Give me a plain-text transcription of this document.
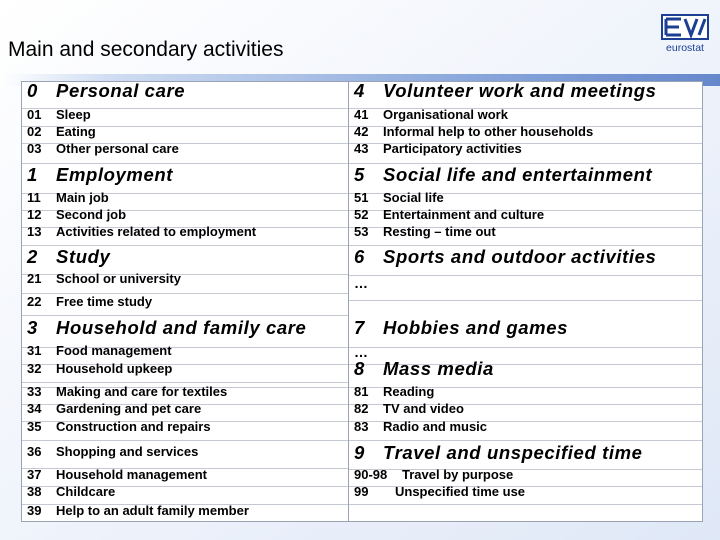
Main and secondary activities	eurostat
0 Personal care
01 Sleep
02 Eating
03 Other personal care
1 Employment
11 Main job
12 Second job
13 Activities related to employment
2 Study
21 School or university
22 Free time study
3 Household and family care
31 Food management
32 Household upkeep
33 Making and care for textiles
34 Gardening and pet care
35 Construction and repairs
36 Shopping and services
37 Household management
38 Childcare
39 Help to an adult family member
4 Volunteer work and meetings
41 Organisational work
42 Informal help to other households
43 Participatory activities
5 Social life and entertainment
51 Social life
52 Entertainment and culture
53 Resting – time out
6 Sports and outdoor activities
…
7 Hobbies and games
…
8 Mass media
81 Reading
82 TV and video
83 Radio and music
9 Travel and unspecified time
90-98 Travel by purpose
99 Unspecified time use
